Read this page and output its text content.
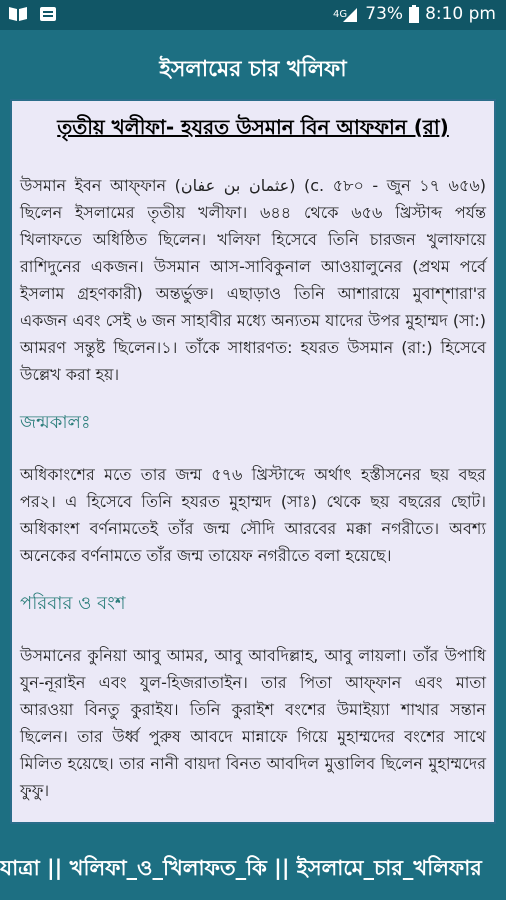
4G 73% 8:10 pm
ইসলামের চার খলিফা
তৃতীয় খলীফা- হযরত উসমান বিন আফফান (রা)

উসমান ইবন আফ্ফান (عثمان بن عفان) (c. ৫৮০ - জুন ১৭ ৬৫৬) ছিলেন ইসলামের তৃতীয় খলীফা। ৬৪৪ থেকে ৬৫৬ খ্রিস্টাব্দ পর্যন্ত খিলাফতে অধিষ্ঠিত ছিলেন। খলিফা হিসেবে তিনি চারজন খুলাফায়ে রাশিদুনের একজন। উসমান আস-সাবিকুনাল আওয়ালুনের (প্রথম পর্বে ইসলাম গ্রহণকারী) অন্তর্ভুক্ত। এছাড়াও তিনি আশারায়ে মুবাশ্শারা'র একজন এবং সেই ৬ জন সাহাবীর মধ্যে অন্যতম যাদের উপর মুহাম্মদ (সা:) আমরণ সন্তুষ্ট ছিলেন।১। তাঁকে সাধারণত: হযরত উসমান (রা:) হিসেবে উল্লেখ করা হয়।

জন্মকালঃ

অধিকাংশের মতে তার জন্ম ৫৭৬ খ্রিস্টাব্দে অর্থাৎ হস্তীসনের ছয় বছর পর২। এ হিসেবে তিনি হযরত মুহাম্মদ (সাঃ) থেকে ছয় বছরের ছোট। অধিকাংশ বর্ণনামতেই তাঁর জন্ম সৌদি আরবের মক্কা নগরীতে। অবশ্য অনেকের বর্ণনামতে তাঁর জন্ম তায়েফ নগরীতে বলা হয়েছে।

পরিবার ও বংশ

উসমানের কুনিয়া আবু আমর, আবু আবদিল্লাহ, আবু লায়লা। তাঁর উপাধি যুন-নূরাইন এবং যুল-হিজরাতাইন। তার পিতা আফ্ফান এবং মাতা আরওয়া বিনতু কুরাইয। তিনি কুরাইশ বংশের উমাইয়্যা শাখার সন্তান ছিলেন। তার উর্ধ্ব পুরুষ আবদে মান্নাফে গিয়ে মুহাম্মদের বংশের সাথে মিলিত হয়েছে। তার নানী বায়দা বিনত আবদিল মুত্তালিব ছিলেন মুহাম্মদের ফুফু।

যাত্রা || খলিফা_ও_খিলাফত_কি || ইসলামে_চার_খলিফার
